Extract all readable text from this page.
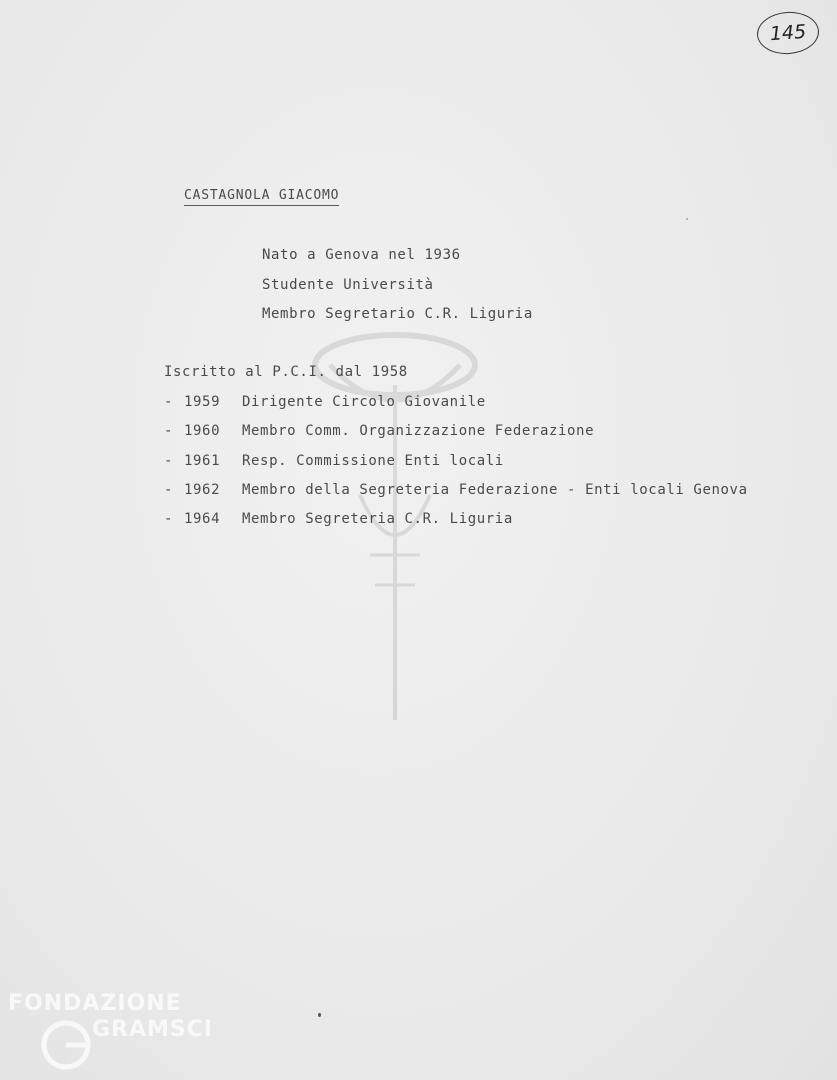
145
CASTAGNOLA GIACOMO
Nato a Genova nel 1936
Studente Università
Membro Segretario C.R. Liguria
Iscritto al P.C.I. dal 1958
- 1959	Dirigente Circolo Giovanile
- 1960	Membro Comm. Organizzazione Federazione
- 1961	Resp. Commissione Enti locali
- 1962	Membro della Segreteria Federazione - Enti locali Genova
- 1964	Membro Segreteria C.R. Liguria
FONDAZIONE
GRAMSCI
